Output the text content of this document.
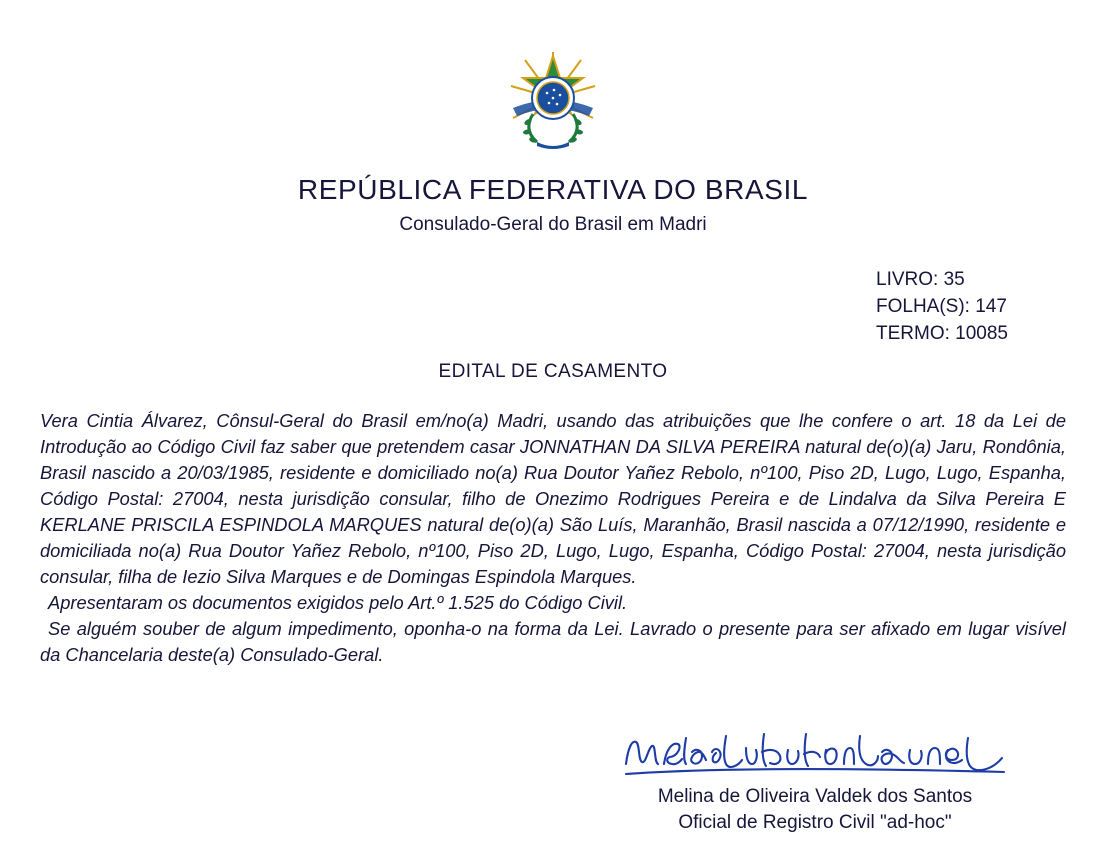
REPÚBLICA FEDERATIVA DO BRASIL
Consulado-Geral do Brasil em Madri
LIVRO: 35
FOLHA(S): 147
TERMO: 10085
EDITAL DE CASAMENTO

Vera Cintia Álvarez, Cônsul-Geral do Brasil em/no(a) Madri, usando das atribuições que lhe confere o art. 18 da Lei de Introdução ao Código Civil faz saber que pretendem casar JONNATHAN DA SILVA PEREIRA natural de(o)(a) Jaru, Rondônia, Brasil nascido a 20/03/1985, residente e domiciliado no(a) Rua Doutor Yañez Rebolo, nº100, Piso 2D, Lugo, Lugo, Espanha, Código Postal: 27004, nesta jurisdição consular, filho de Onezimo Rodrigues Pereira e de Lindalva da Silva Pereira E KERLANE PRISCILA ESPINDOLA MARQUES natural de(o)(a) São Luís, Maranhão, Brasil nascida a 07/12/1990, residente e domiciliada no(a) Rua Doutor Yañez Rebolo, nº100, Piso 2D, Lugo, Lugo, Espanha, Código Postal: 27004, nesta jurisdição consular, filha de Iezio Silva Marques e de Domingas Espindola Marques.

Apresentaram os documentos exigidos pelo Art.º 1.525 do Código Civil.

Se alguém souber de algum impedimento, oponha-o na forma da Lei. Lavrado o presente para ser afixado em lugar visível da Chancelaria deste(a) Consulado-Geral.

Melina de Oliveira Valdek dos Santos
Oficial de Registro Civil "ad-hoc"
